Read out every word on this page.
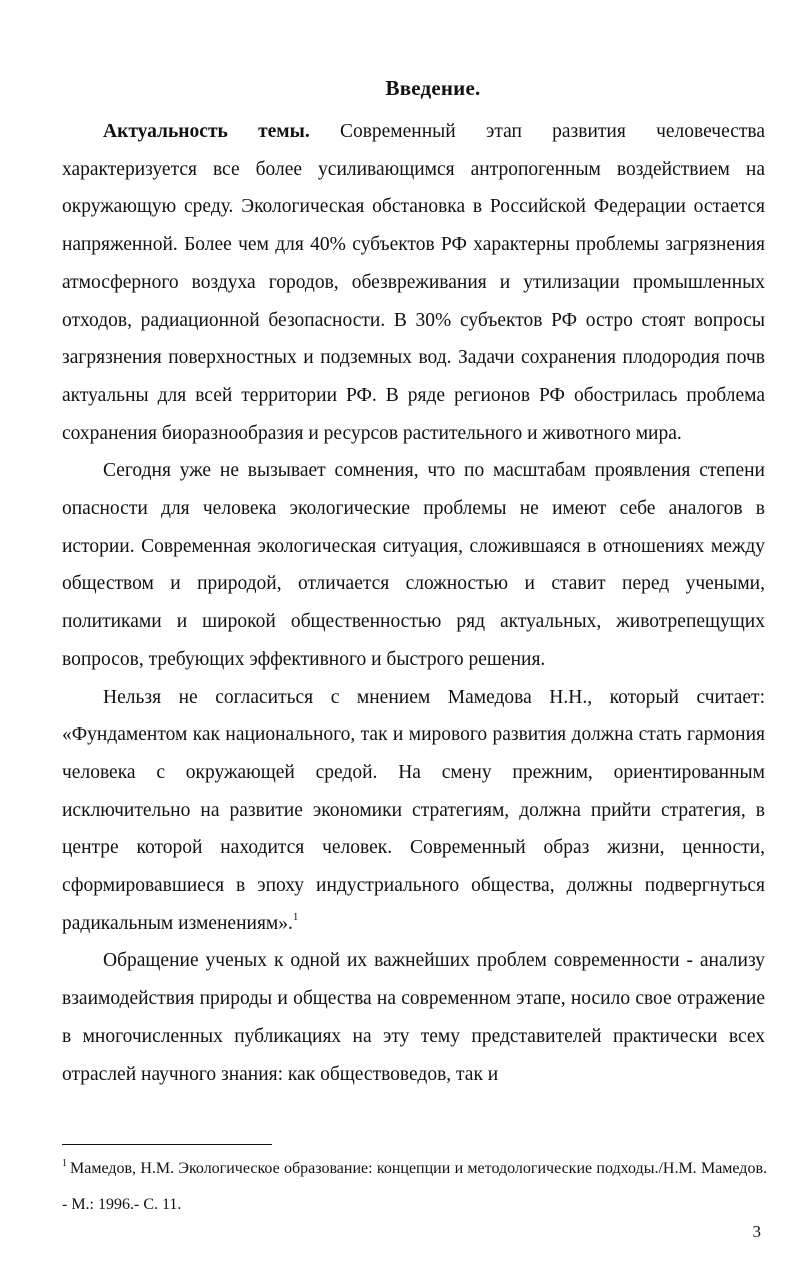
Введение.

Актуальность темы. Современный этап развития человечества характеризуется все более усиливающимся антропогенным воздействием на окружающую среду. Экологическая обстановка в Российской Федерации остается напряженной. Более чем для 40% субъектов РФ характерны проблемы загрязнения атмосферного воздуха городов, обезвреживания и утилизации промышленных отходов, радиационной безопасности. В 30% субъектов РФ остро стоят вопросы загрязнения поверхностных и подземных вод. Задачи сохранения плодородия почв актуальны для всей территории РФ. В ряде регионов РФ обострилась проблема сохранения биоразнообразия и ресурсов растительного и животного мира.

Сегодня уже не вызывает сомнения, что по масштабам проявления степени опасности для человека экологические проблемы не имеют себе аналогов в истории. Современная экологическая ситуация, сложившаяся в отношениях между обществом и природой, отличается сложностью и ставит перед учеными, политиками и широкой общественностью ряд актуальных, животрепещущих вопросов, требующих эффективного и быстрого решения.

Нельзя не согласиться с мнением Мамедова Н.Н., который считает: «Фундаментом как национального, так и мирового развития должна стать гармония человека с окружающей средой. На смену прежним, ориентированным исключительно на развитие экономики стратегиям, должна прийти стратегия, в центре которой находится человек. Современный образ жизни, ценности, сформировавшиеся в эпоху индустриального общества, должны подвергнуться радикальным изменениям».$^1$

Обращение ученых к одной их важнейших проблем современности - анализу взаимодействия природы и общества на современном этапе, носило свое отражение в многочисленных публикациях на эту тему представителей практически всех отраслей научного знания: как обществоведов, так и

$^1$ Мамедов, Н.М. Экологическое образование: концепции и методологические подходы./Н.М. Мамедов. - М.: 1996.- С. 11.
3
